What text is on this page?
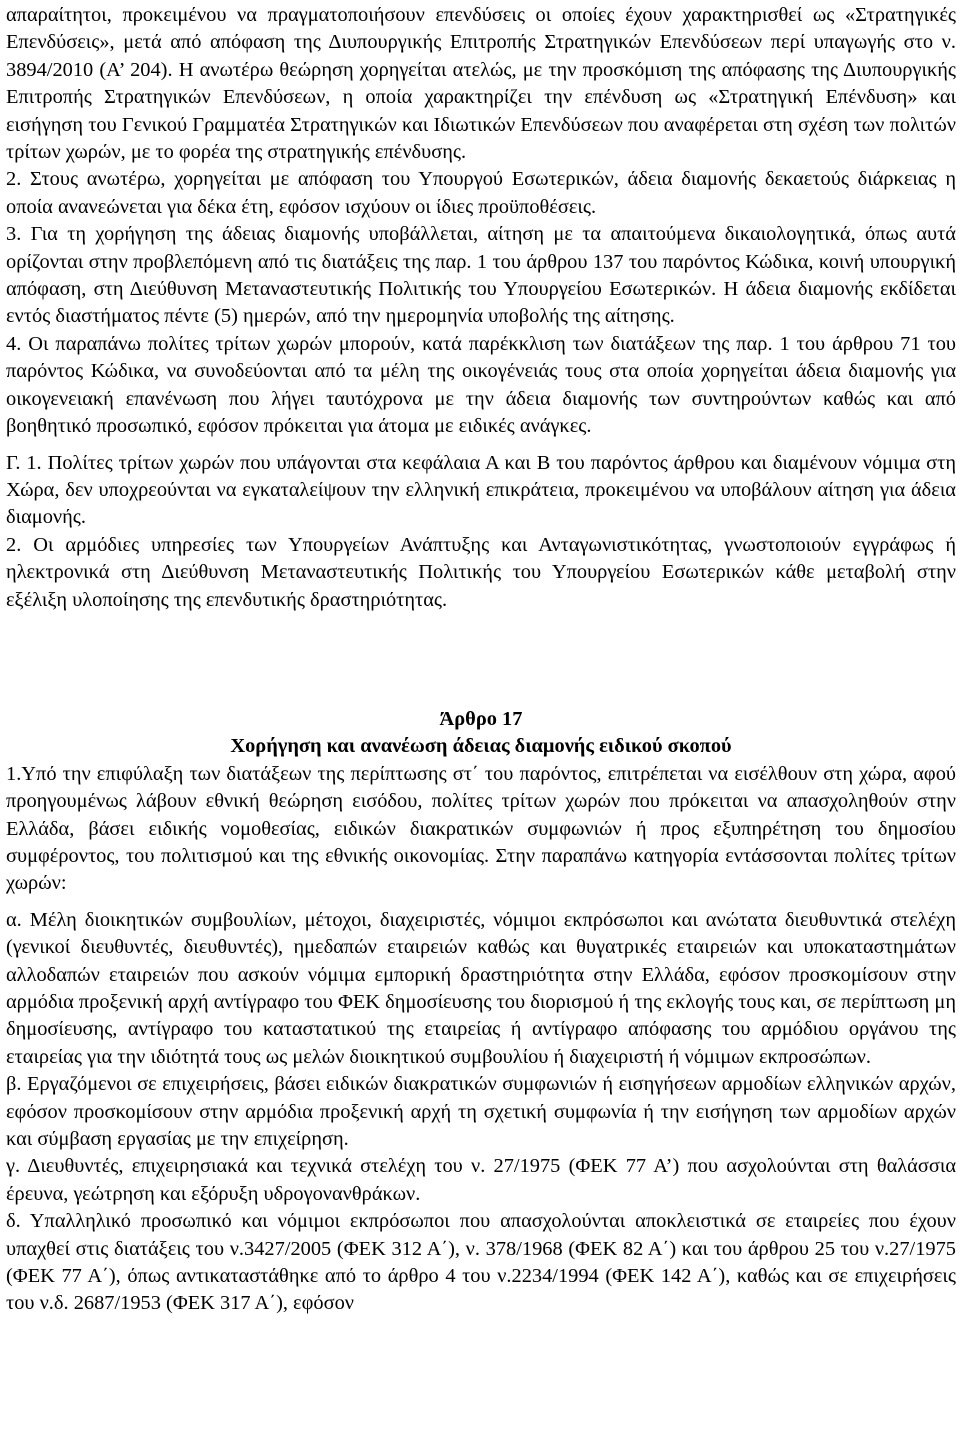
απαραίτητοι, προκειμένου να πραγματοποιήσουν επενδύσεις οι οποίες έχουν χαρακτηρισθεί ως «Στρατηγικές Επενδύσεις», μετά από απόφαση της Διυπουργικής Επιτροπής Στρατηγικών Επενδύσεων περί υπαγωγής στο ν. 3894/2010 (Α’ 204). Η ανωτέρω θεώρηση χορηγείται ατελώς, με την προσκόμιση της απόφασης της Διυπουργικής Επιτροπής Στρατηγικών Επενδύσεων, η οποία χαρακτηρίζει την επένδυση ως «Στρατηγική Επένδυση» και εισήγηση του Γενικού Γραμματέα Στρατηγικών και Ιδιωτικών Επενδύσεων που αναφέρεται στη σχέση των πολιτών τρίτων χωρών, με το φορέα της στρατηγικής επένδυσης.

2. Στους ανωτέρω, χορηγείται με απόφαση του Υπουργού Εσωτερικών, άδεια διαμονής δεκαετούς διάρκειας η οποία ανανεώνεται για δέκα έτη, εφόσον ισχύουν οι ίδιες προϋποθέσεις.

3. Για τη χορήγηση της άδειας διαμονής υποβάλλεται, αίτηση με τα απαιτούμενα δικαιολογητικά, όπως αυτά ορίζονται στην προβλεπόμενη από τις διατάξεις της παρ. 1 του άρθρου 137 του παρόντος Κώδικα, κοινή υπουργική απόφαση, στη Διεύθυνση Μεταναστευτικής Πολιτικής του Υπουργείου Εσωτερικών. Η άδεια διαμονής εκδίδεται εντός διαστήματος πέντε (5) ημερών, από την ημερομηνία υποβολής της αίτησης.

4. Οι παραπάνω πολίτες τρίτων χωρών μπορούν, κατά παρέκκλιση των διατάξεων της παρ. 1 του άρθρου 71 του παρόντος Κώδικα, να συνοδεύονται από τα μέλη της οικογένειάς τους στα οποία χορηγείται άδεια διαμονής για οικογενειακή επανένωση που λήγει ταυτόχρονα με την άδεια διαμονής των συντηρούντων καθώς και από βοηθητικό προσωπικό, εφόσον πρόκειται για άτομα με ειδικές ανάγκες.

Γ. 1. Πολίτες τρίτων χωρών που υπάγονται στα κεφάλαια Α και Β του παρόντος άρθρου και διαμένουν νόμιμα στη Χώρα, δεν υποχρεούνται να εγκαταλείψουν την ελληνική επικράτεια, προκειμένου να υποβάλουν αίτηση για άδεια διαμονής.

2. Οι αρμόδιες υπηρεσίες των Υπουργείων Ανάπτυξης και Ανταγωνιστικότητας, γνωστοποιούν εγγράφως ή ηλεκτρονικά στη Διεύθυνση Μεταναστευτικής Πολιτικής του Υπουργείου Εσωτερικών κάθε μεταβολή στην εξέλιξη υλοποίησης της επενδυτικής δραστηριότητας.

Άρθρο 17
Χορήγηση και ανανέωση άδειας διαμονής ειδικού σκοπού

1.Υπό την επιφύλαξη των διατάξεων της περίπτωσης στ΄ του παρόντος, επιτρέπεται να εισέλθουν στη χώρα, αφού προηγουμένως λάβουν εθνική θεώρηση εισόδου, πολίτες τρίτων χωρών που πρόκειται να απασχοληθούν στην Ελλάδα, βάσει ειδικής νομοθεσίας, ειδικών διακρατικών συμφωνιών ή προς εξυπηρέτηση του δημοσίου συμφέροντος, του πολιτισμού και της εθνικής οικονομίας. Στην παραπάνω κατηγορία εντάσσονται πολίτες τρίτων χωρών:

α. Μέλη διοικητικών συμβουλίων, μέτοχοι, διαχειριστές, νόμιμοι εκπρόσωποι και ανώτατα διευθυντικά στελέχη (γενικοί διευθυντές, διευθυντές), ημεδαπών εταιρειών καθώς και θυγατρικές εταιρειών και υποκαταστημάτων αλλοδαπών εταιρειών που ασκούν νόμιμα εμπορική δραστηριότητα στην Ελλάδα, εφόσον προσκομίσουν στην αρμόδια προξενική αρχή αντίγραφο του ΦΕΚ δημοσίευσης του διορισμού ή της εκλογής τους και, σε περίπτωση μη δημοσίευσης, αντίγραφο του καταστατικού της εταιρείας ή αντίγραφο απόφασης του αρμόδιου οργάνου της εταιρείας για την ιδιότητά τους ως μελών διοικητικού συμβουλίου ή διαχειριστή ή νόμιμων εκπροσώπων.

β. Εργαζόμενοι σε επιχειρήσεις, βάσει ειδικών διακρατικών συμφωνιών ή εισηγήσεων αρμοδίων ελληνικών αρχών, εφόσον προσκομίσουν στην αρμόδια προξενική αρχή τη σχετική συμφωνία ή την εισήγηση των αρμοδίων αρχών και σύμβαση εργασίας με την επιχείρηση.

γ. Διευθυντές, επιχειρησιακά και τεχνικά στελέχη του ν. 27/1975 (ΦΕΚ 77 Α’) που ασχολούνται στη θαλάσσια έρευνα, γεώτρηση και εξόρυξη υδρογονανθράκων.

δ. Υπαλληλικό προσωπικό και νόμιμοι εκπρόσωποι που απασχολούνται αποκλειστικά σε εταιρείες που έχουν υπαχθεί στις διατάξεις του ν.3427/2005 (ΦΕΚ 312 Α΄), ν. 378/1968 (ΦΕΚ 82 Α΄) και του άρθρου 25 του ν.27/1975 (ΦΕΚ 77 Α΄), όπως αντικαταστάθηκε από το άρθρο 4 του ν.2234/1994 (ΦΕΚ 142 Α΄), καθώς και σε επιχειρήσεις του ν.δ. 2687/1953 (ΦΕΚ 317 Α΄), εφόσον
